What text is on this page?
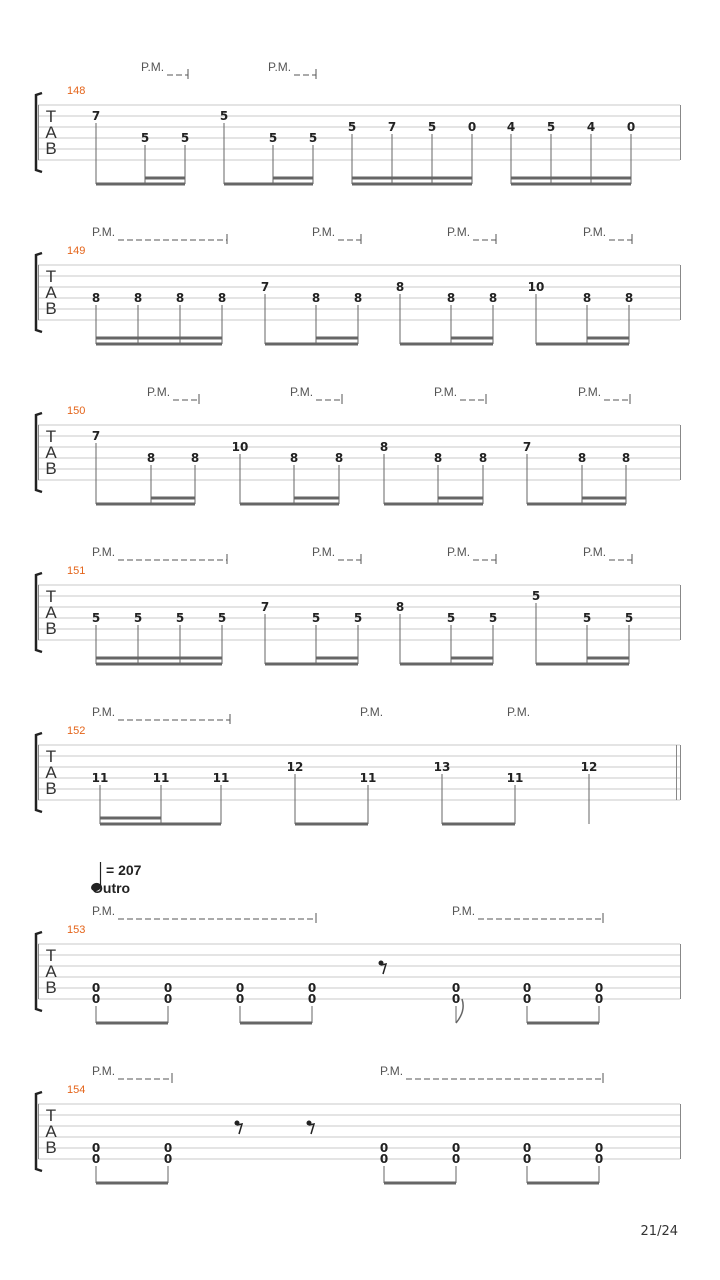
T
A
B
148
P.M.	P.M.
7
5	5
5
5	5
5	7	5	0	4	5	4	0
T
A
B
149
P.M.	P.M.	P.M.	P.M.
8	8	8	8
7
8	8
8
8	8
10
8	8
T
A
B
150
P.M.	P.M.	P.M.	P.M.
7
8	8
10
8	8
8
8	8
7
8	8
T
A
B
151
P.M.	P.M.	P.M.	P.M.
5	5	5	5
7
5	5
8
5	5
5
5	5
T
A
B
152
P.M.	P.M.	P.M.
11	11	11
12
11
13
11
12
T
A
B
153
P.M.	P.M.
0
0
0
0
0
0
0
0
0
0
0
0
0
0
T
A
B
154
P.M.	P.M.
0
0
0
0
0
0
0
0
0
0
0
0
= 207
Outro
21/24
